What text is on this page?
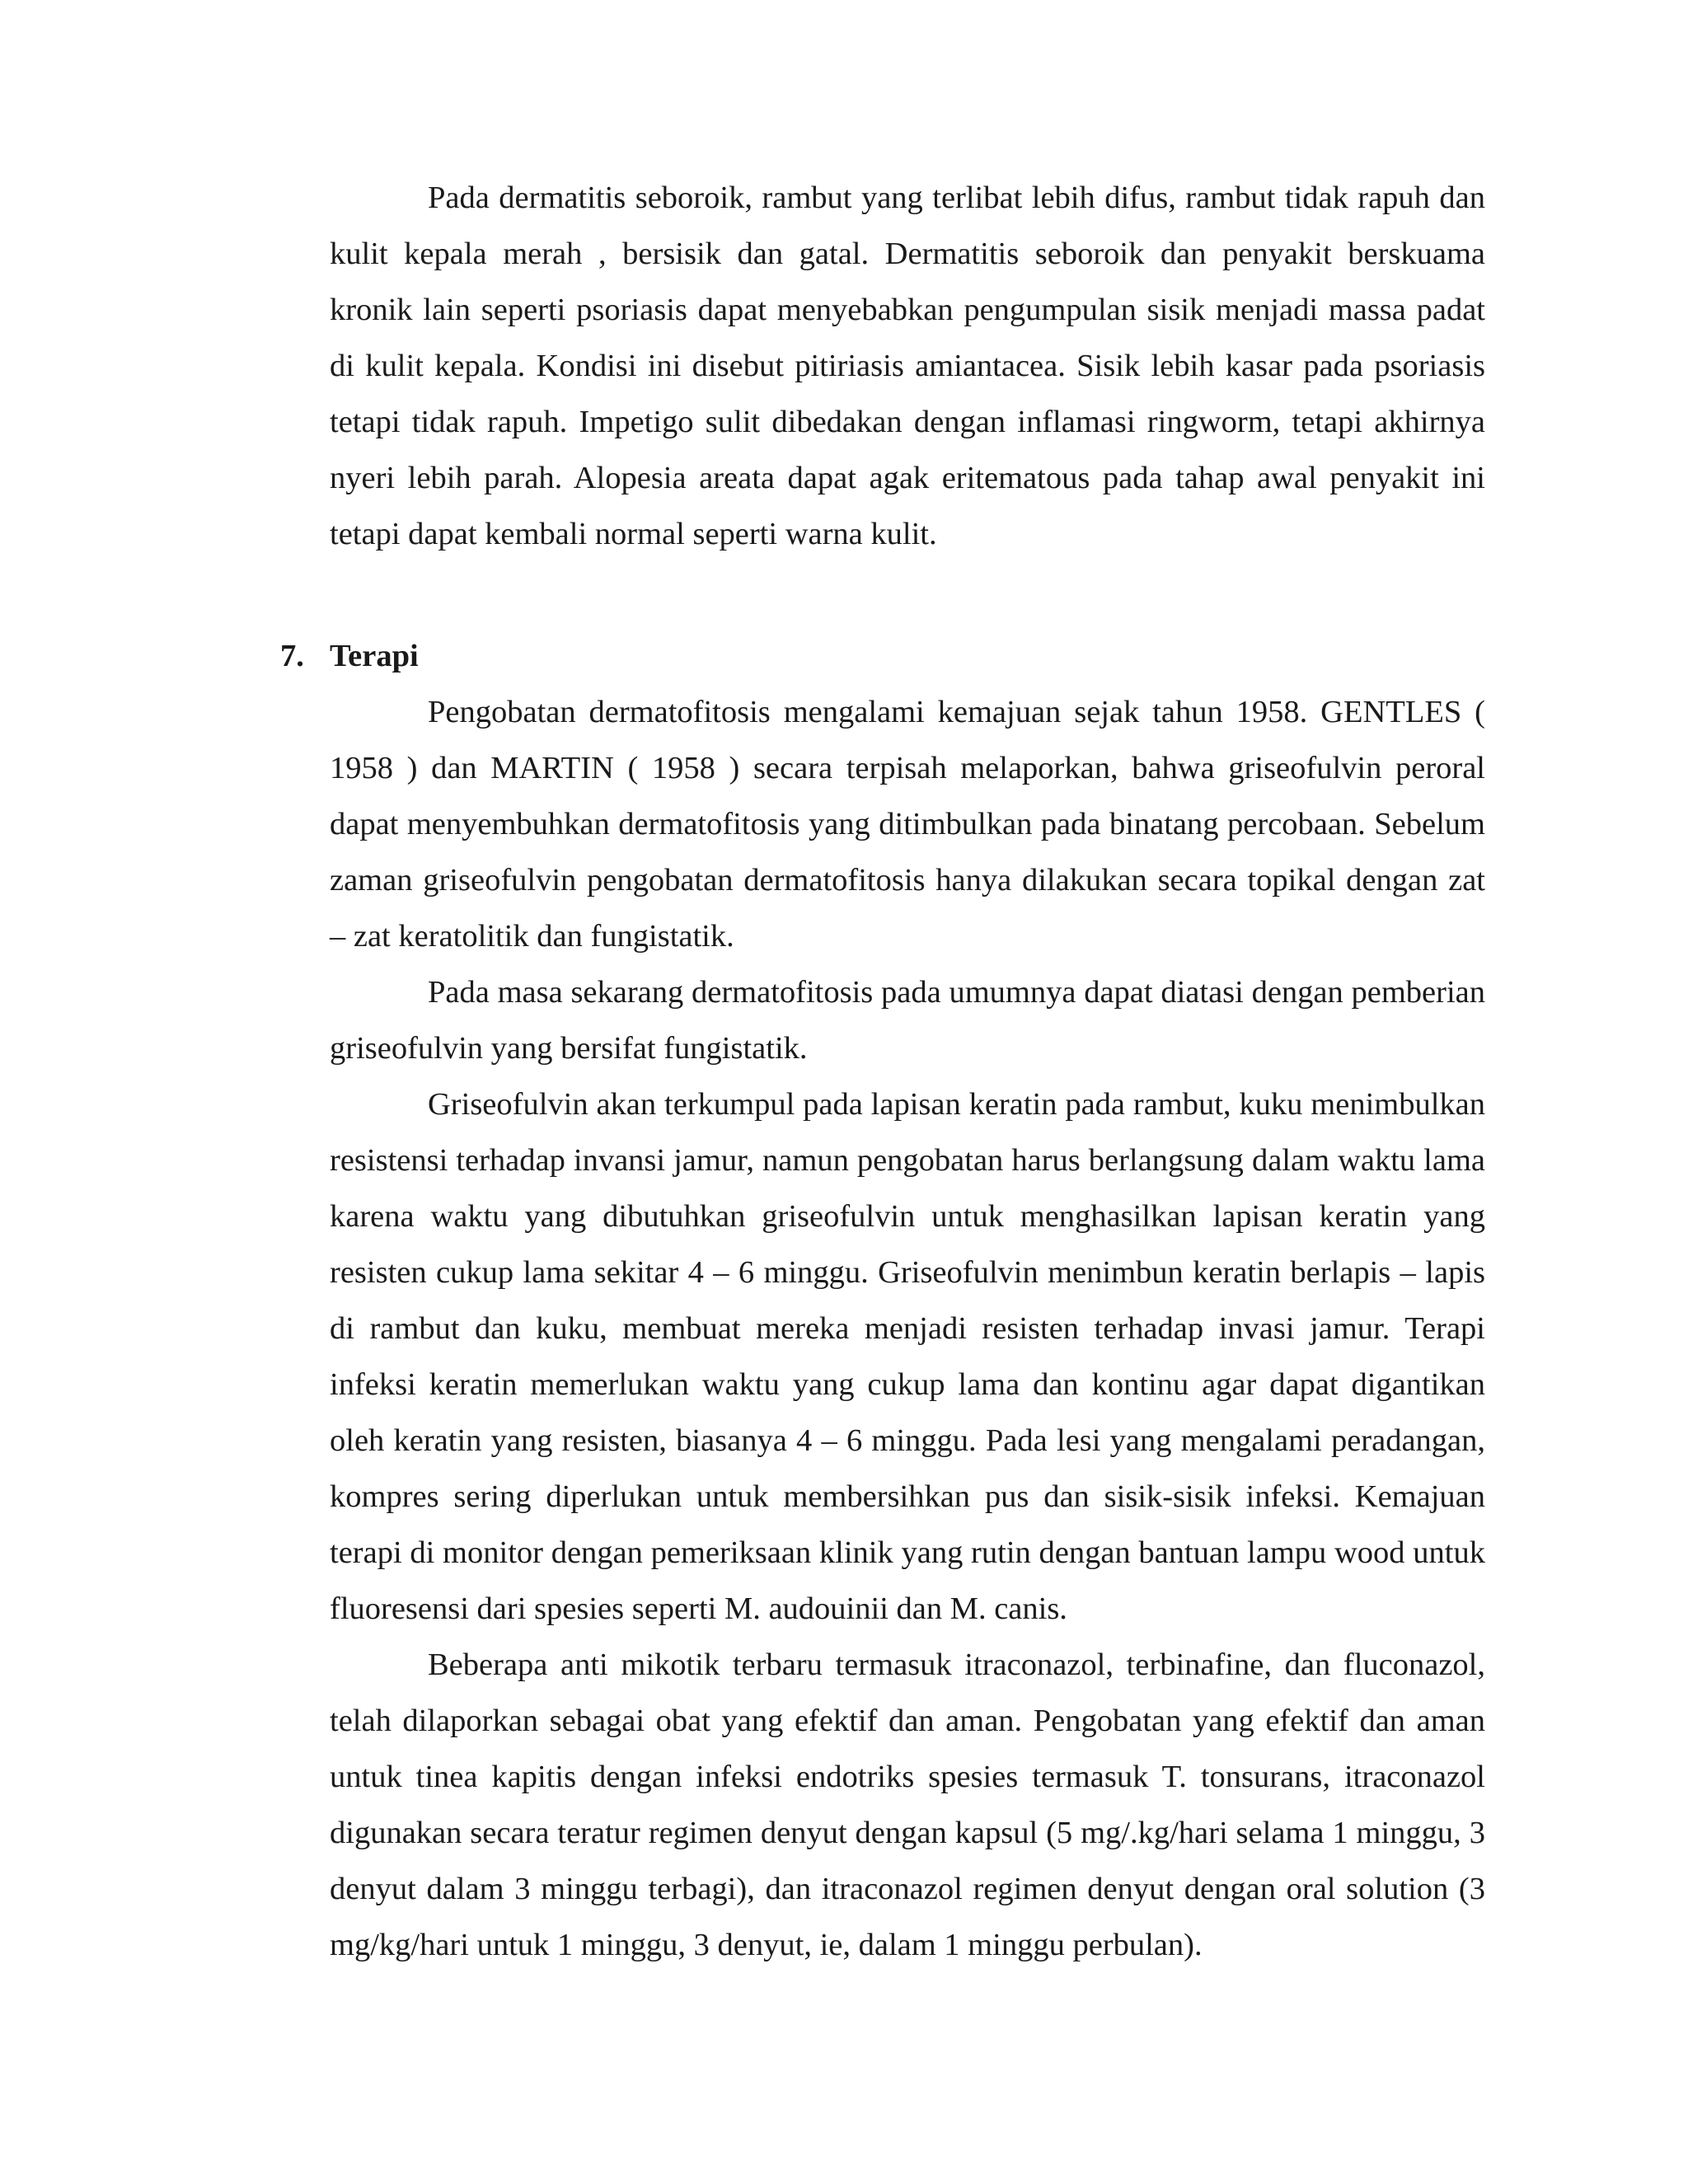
Pada dermatitis seboroik, rambut yang terlibat lebih difus, rambut tidak rapuh dan kulit kepala merah , bersisik dan gatal. Dermatitis seboroik dan penyakit berskuama kronik lain seperti psoriasis dapat menyebabkan pengumpulan sisik menjadi massa padat di kulit kepala. Kondisi ini disebut pitiriasis amiantacea. Sisik lebih kasar pada psoriasis tetapi tidak rapuh. Impetigo sulit dibedakan dengan inflamasi ringworm, tetapi akhirnya nyeri lebih parah. Alopesia areata dapat agak eritematous pada tahap awal penyakit ini tetapi dapat kembali normal seperti warna kulit.

7. Terapi

Pengobatan dermatofitosis mengalami kemajuan sejak tahun 1958. GENTLES ( 1958 ) dan MARTIN ( 1958 ) secara terpisah melaporkan, bahwa griseofulvin peroral dapat menyembuhkan dermatofitosis yang ditimbulkan pada binatang percobaan. Sebelum zaman griseofulvin pengobatan dermatofitosis hanya dilakukan secara topikal dengan zat – zat keratolitik dan fungistatik.

Pada masa sekarang dermatofitosis pada umumnya dapat diatasi dengan pemberian griseofulvin yang bersifat fungistatik.

Griseofulvin akan terkumpul pada lapisan keratin pada rambut, kuku menimbulkan resistensi terhadap invansi jamur, namun pengobatan harus berlangsung dalam waktu lama karena waktu yang dibutuhkan griseofulvin untuk menghasilkan lapisan keratin yang resisten cukup lama sekitar 4 – 6 minggu. Griseofulvin menimbun keratin berlapis – lapis di rambut dan kuku, membuat mereka menjadi resisten terhadap invasi jamur. Terapi infeksi keratin memerlukan waktu yang cukup lama dan kontinu agar dapat digantikan oleh keratin yang resisten, biasanya 4 – 6 minggu. Pada lesi yang mengalami peradangan, kompres sering diperlukan untuk membersihkan pus dan sisik-sisik infeksi. Kemajuan terapi di monitor dengan pemeriksaan klinik yang rutin dengan bantuan lampu wood untuk fluoresensi dari spesies seperti M. audouinii dan M. canis.

Beberapa anti mikotik terbaru termasuk itraconazol, terbinafine, dan fluconazol, telah dilaporkan sebagai obat yang efektif dan aman. Pengobatan yang efektif dan aman untuk tinea kapitis dengan infeksi endotriks spesies termasuk T. tonsurans, itraconazol digunakan secara teratur regimen denyut dengan kapsul (5 mg/.kg/hari selama 1 minggu, 3 denyut dalam 3 minggu terbagi), dan itraconazol regimen denyut dengan oral solution (3 mg/kg/hari untuk 1 minggu, 3 denyut, ie, dalam 1 minggu perbulan).
